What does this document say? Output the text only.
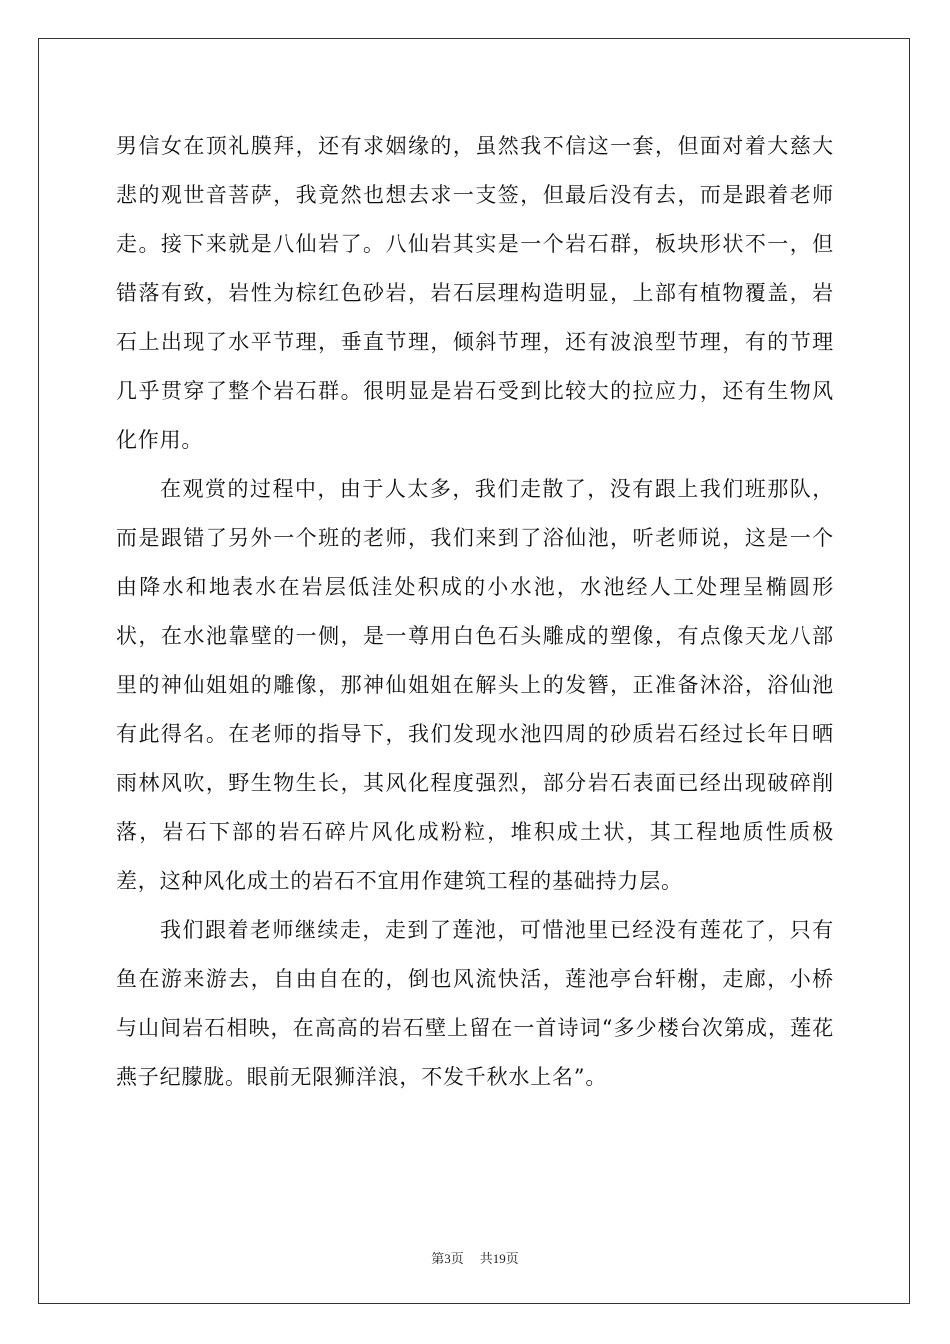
男信女在顶礼膜拜，还有求姻缘的，虽然我不信这一套，但面对着大慈大悲的观世音菩萨，我竟然也想去求一支签，但最后没有去，而是跟着老师走。接下来就是八仙岩了。八仙岩其实是一个岩石群，板块形状不一，但错落有致，岩性为棕红色砂岩，岩石层理构造明显，上部有植物覆盖，岩石上出现了水平节理，垂直节理，倾斜节理，还有波浪型节理，有的节理几乎贯穿了整个岩石群。很明显是岩石受到比较大的拉应力，还有生物风化作用。

在观赏的过程中，由于人太多，我们走散了，没有跟上我们班那队，而是跟错了另外一个班的老师，我们来到了浴仙池，听老师说，这是一个由降水和地表水在岩层低洼处积成的小水池，水池经人工处理呈椭圆形状，在水池靠壁的一侧，是一尊用白色石头雕成的塑像，有点像天龙八部里的神仙姐姐的雕像，那神仙姐姐在解头上的发簪，正准备沐浴，浴仙池有此得名。在老师的指导下，我们发现水池四周的砂质岩石经过长年日晒雨林风吹，野生物生长，其风化程度强烈，部分岩石表面已经出现破碎削落，岩石下部的岩石碎片风化成粉粒，堆积成土状，其工程地质性质极差，这种风化成土的岩石不宜用作建筑工程的基础持力层。

我们跟着老师继续走，走到了莲池，可惜池里已经没有莲花了，只有鱼在游来游去，自由自在的，倒也风流快活，莲池亭台轩榭，走廊，小桥与山间岩石相映，在高高的岩石壁上留在一首诗词“多少楼台次第成，莲花燕子纪朦胧。眼前无限狮洋浪，不发千秋水上名”。

第3页 共19页
